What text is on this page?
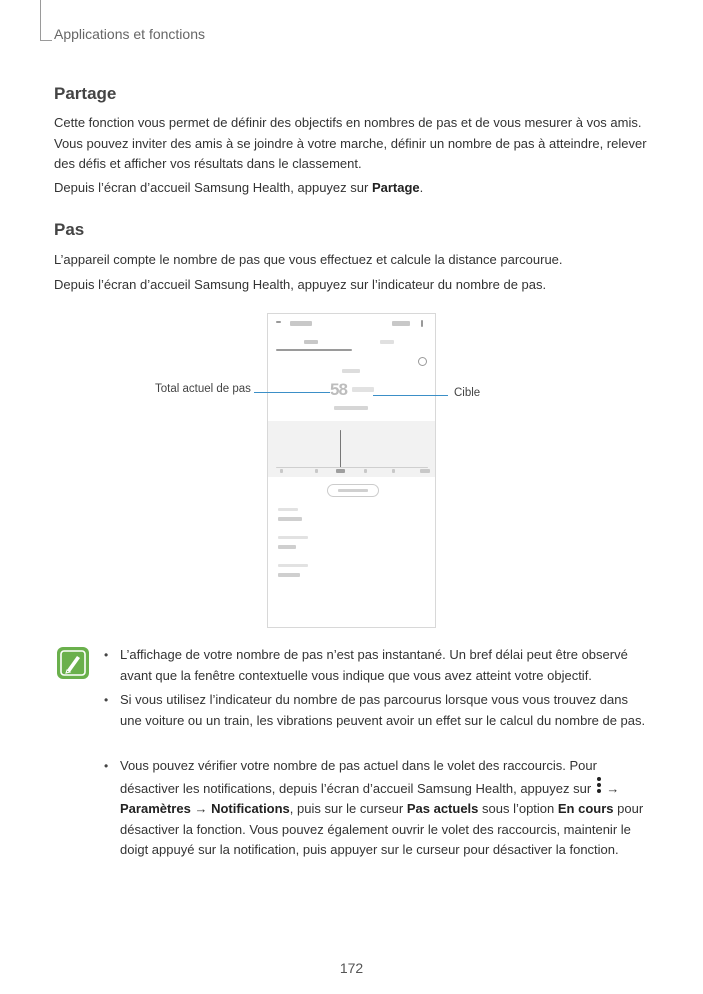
Applications et fonctions
Partage

Cette fonction vous permet de définir des objectifs en nombres de pas et de vous mesurer à vos amis. Vous pouvez inviter des amis à se joindre à votre marche, définir un nombre de pas à atteindre, relever des défis et afficher vos résultats dans le classement.

Depuis l’écran d’accueil Samsung Health, appuyez sur Partage.

Pas

L’appareil compte le nombre de pas que vous effectuez et calcule la distance parcourue.

Depuis l’écran d’accueil Samsung Health, appuyez sur l’indicateur du nombre de pas.

58
Total actuel de pas	Cible
• L’affichage de votre nombre de pas n’est pas instantané. Un bref délai peut être observé avant que la fenêtre contextuelle vous indique que vous avez atteint votre objectif.

• Si vous utilisez l’indicateur du nombre de pas parcourus lorsque vous vous trouvez dans une voiture ou un train, les vibrations peuvent avoir un effet sur le calcul du nombre de pas.

• Vous pouvez vérifier votre nombre de pas actuel dans le volet des raccourcis. Pour désactiver les notifications, depuis l’écran d’accueil Samsung Health, appuyez sur
→ Paramètres → Notifications, puis sur le curseur Pas actuels sous l’option En cours pour désactiver la fonction. Vous pouvez également ouvrir le volet des raccourcis, maintenir le doigt appuyé sur la notification, puis appuyer sur le curseur pour désactiver la fonction.

172
